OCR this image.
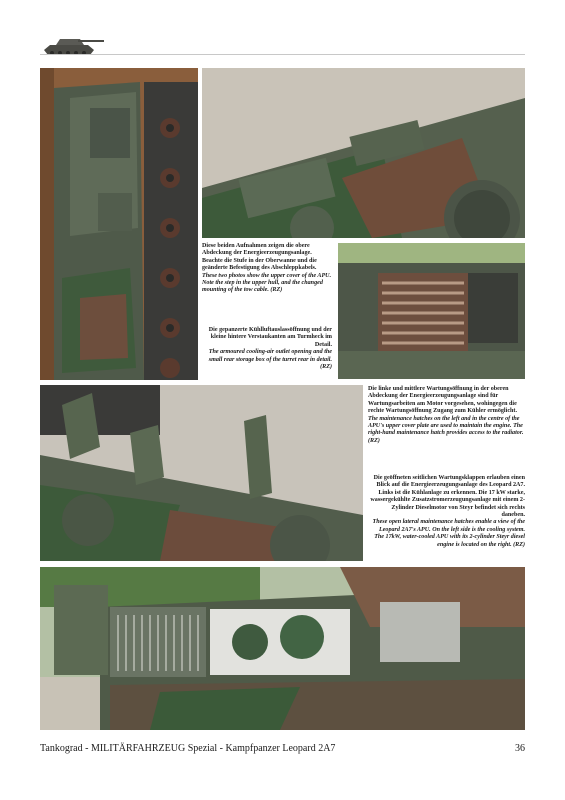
Diese beiden Aufnahmen zeigen die obere Abdeckung der Energieerzeugungsanlage. Beachte die Stufe in der Oberwanne und die geänderte Befestigung des Abschleppkabels.

These two photos show the upper cover of the APU. Note the step in the upper hull, and the changed mounting of the tow cable. (RZ)

Die gepanzerte Kühlluftauslassöffnung und der kleine hintere Verstaukanten am Turmheck im Detail.

The armoured cooling-air outlet opening and the small rear storage box of the turret rear in detail. (RZ)

Die linke und mittlere Wartungsöffnung in der oberen Abdeckung der Energieerzeugungsanlage sind für Wartungsarbeiten am Motor vorgesehen, wohingegen die rechte Wartungsöffnung Zugang zum Kühler ermöglicht.

The maintenance hatches on the left and in the centre of the APU's upper cover plate are used to maintain the engine. The right-hand maintenance hatch provides access to the radiator. (RZ)

Die geöffneten seitlichen Wartungsklappen erlauben einen Blick auf die Energieerzeugungsanlage des Leopard 2A7. Links ist die Kühlanlage zu erkennen. Die 17 kW starke, wassergekühlte Zusatzstromerzeugungsanlage mit einem 2-Zylinder Dieselmotor von Steyr befindet sich rechts daneben.

These open lateral maintenance hatches enable a view of the Leopard 2A7's APU. On the left side is the cooling system. The 17kW, water-cooled APU with its 2-cylinder Steyr diesel engine is located on the right. (RZ)

Tankograd - MILITÄRFAHRZEUG Spezial - Kampfpanzer Leopard 2A7	36
